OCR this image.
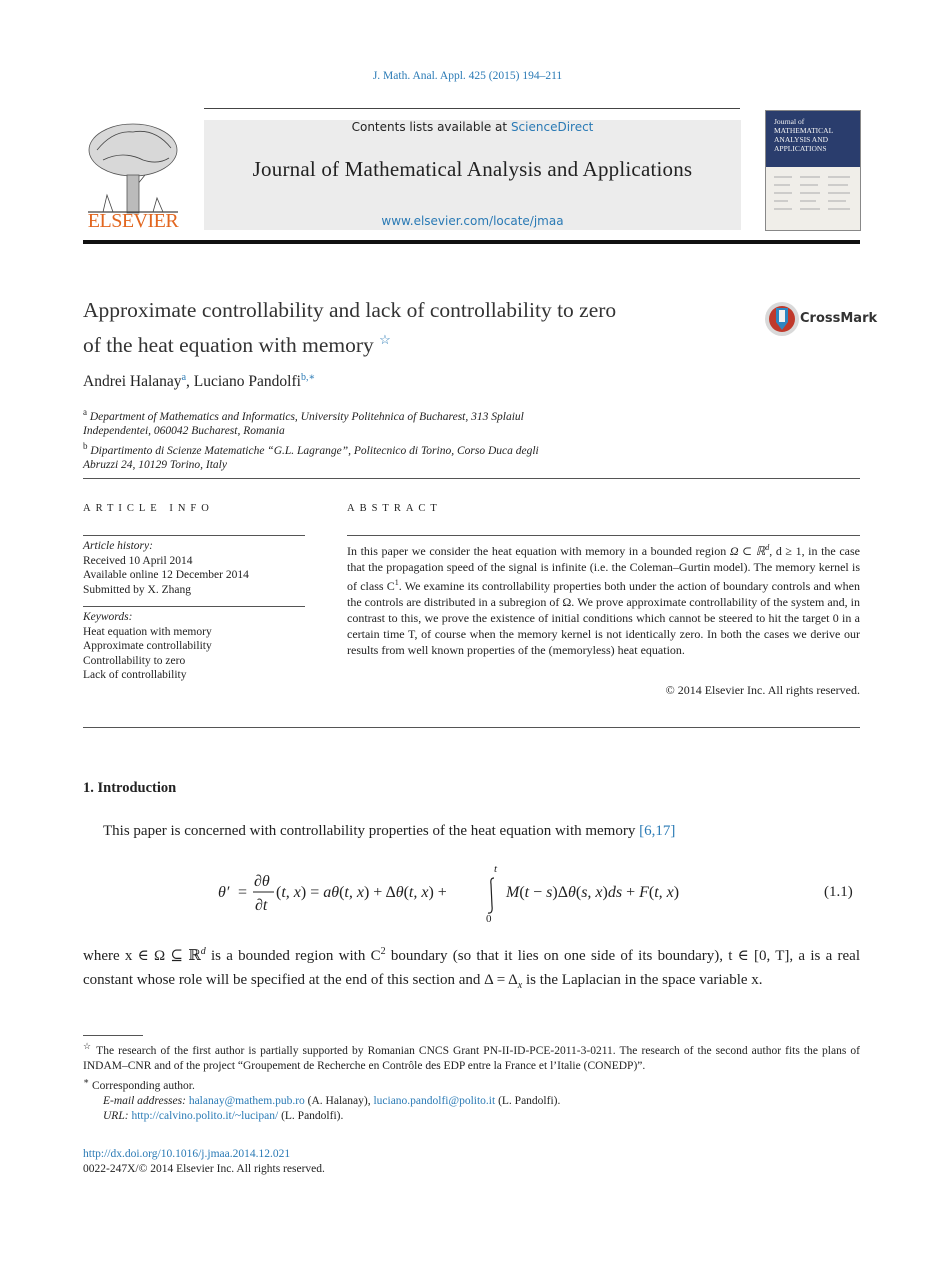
J. Math. Anal. Appl. 425 (2015) 194–211
ELSEVIER
Contents lists available at ScienceDirect
Journal of Mathematical Analysis and Applications
www.elsevier.com/locate/jmaa
Journal of MATHEMATICAL ANALYSIS AND APPLICATIONS
Approximate controllability and lack of controllability to zero
of the heat equation with memory ☆
CrossMark
Andrei Halanay$^a$, Luciano Pandolfi$^{b,∗}$
$^a$ Department of Mathematics and Informatics, University Politehnica of Bucharest, 313 Splaiul
Independentei, 060042 Bucharest, Romania
$^b$ Dipartimento di Scienze Matematiche “G.L. Lagrange”, Politecnico di Torino, Corso Duca degli
Abruzzi 24, 10129 Torino, Italy
ARTICLE INFO	ABSTRACT
Article history:
Received 10 April 2014
Available online 12 December 2014
Submitted by X. Zhang
Keywords:
Heat equation with memory
Approximate controllability
Controllability to zero
Lack of controllability
In this paper we consider the heat equation with memory in a bounded region Ω ⊂ ℝ$^d$, d ≥ 1, in the case that the propagation speed of the signal is infinite (i.e. the Coleman–Gurtin model). The memory kernel is of class $C^1$. We examine its controllability properties both under the action of boundary controls and when the controls are distributed in a subregion of Ω. We prove approximate controllability of the system and, in contrast to this, we prove the existence of initial conditions which cannot be steered to hit the target 0 in a certain time T, of course when the memory kernel is not identically zero. In both the cases we derive our results from well known properties of the (memoryless) heat equation.
© 2014 Elsevier Inc. All rights reserved.
1. Introduction
This paper is concerned with controllability properties of the heat equation with memory [6,17]
θ′ =
∂θ
∂t
(t, x) = aθ(t, x) + Δθ(t, x) +
t
0
M(t − s)Δθ(s, x)ds + F(t, x)	(1.1)
where x ∈ Ω ⊆ ℝ$^d$ is a bounded region with $C^2$ boundary (so that it lies on one side of its boundary), t ∈ [0, T], a is a real constant whose role will be specified at the end of this section and $\Delta = \Delta_x$ is the Laplacian in the space variable x.
☆ The research of the first author is partially supported by Romanian CNCS Grant PN-II-ID-PCE-2011-3-0211. The research of the second author fits the plans of INDAM–CNR and of the project “Groupement de Recherche en Contrôle des EDP entre la France et l’Italie (CONEDP)”.
∗ Corresponding author.
E-mail addresses: halanay@mathem.pub.ro (A. Halanay), luciano.pandolfi@polito.it (L. Pandolfi).
URL: http://calvino.polito.it/~lucipan/ (L. Pandolfi).
http://dx.doi.org/10.1016/j.jmaa.2014.12.021
0022-247X/© 2014 Elsevier Inc. All rights reserved.
